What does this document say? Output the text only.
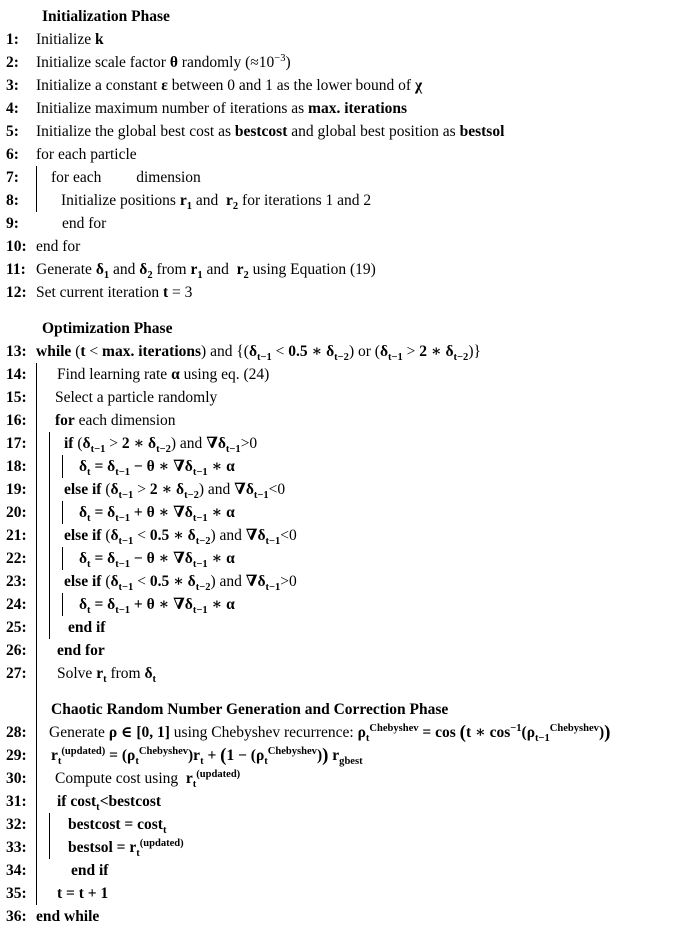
Initialization Phase
1:	Initialize k
2:	Initialize scale factor θ randomly $(\approx 10^{-3})$
3:	Initialize a constant ε between 0 and 1 as the lower bound of χ
4:	Initialize maximum number of iterations as max. iterations
5:	Initialize the global best cost as bestcost and global best position as bestsol
6:	for each particle
7:	for each         dimension
8:	Initialize positions $r_1$ and  $r_2$ for iterations 1 and 2
9:	end for
10: end for
11: Generate $\delta_1$ and $\delta_2$ from $r_1$ and  $r_2$ using Equation (19)
12: Set current iteration t = 3
Optimization Phase
13: while (t < max. iterations) and {($\delta_{t-1} < 0.5$ ∗ $\delta_{t-2}$) or ($\delta_{t-1} > 2$ ∗ $\delta_{t-2}$)}
14: Find learning rate α using eq. (24)
15: Select a particle randomly
16: for each dimension
17: if ($\delta_{t-1} > 2$ ∗ $\delta_{t-2}$) and $\nabla\delta_{t-1}>0$
18:	$\delta_t = \delta_{t-1} - \theta$ ∗ $\nabla\delta_{t-1}$ ∗ α
19: else if ($\delta_{t-1} > 2$ ∗ $\delta_{t-2}$) and $\nabla\delta_{t-1}<0$
20:	$\delta_t = \delta_{t-1} + \theta$ ∗ $\nabla\delta_{t-1}$ ∗ α
21: else if ($\delta_{t-1} < 0.5$ ∗ $\delta_{t-2}$) and $\nabla\delta_{t-1}<0$
22:	$\delta_t = \delta_{t-1} - \theta$ ∗ $\nabla\delta_{t-1}$ ∗ α
23: else if ($\delta_{t-1} < 0.5$ ∗ $\delta_{t-2}$) and $\nabla\delta_{t-1}>0$
24:	$\delta_t = \delta_{t-1} + \theta$ ∗ $\nabla\delta_{t-1}$ ∗ α
25:	end if
26: end for
27: Solve $r_t$ from $\delta_t$
Chaotic Random Number Generation and Correction Phase
28: Generate ρ ∈ [0, 1] using Chebyshev recurrence: $\rho_t^{Chebyshev} = \cos (t$ ∗ $\cos^{-1}(\rho_{t-1}^{Chebyshev})$)
29: $r_t^{(updated)} = (\rho_t^{Chebyshev})r_t + (1 - (\rho_t^{Chebyshev}))$ $r_{gbest}$
30: Compute cost using  $r_t^{(updated)}$
31: if cost$_t$<bestcost
32:	bestcost = cost$_t$
33:	bestsol = $r_t^{(updated)}$
34:	end if
35: t = t + 1
36: end while
